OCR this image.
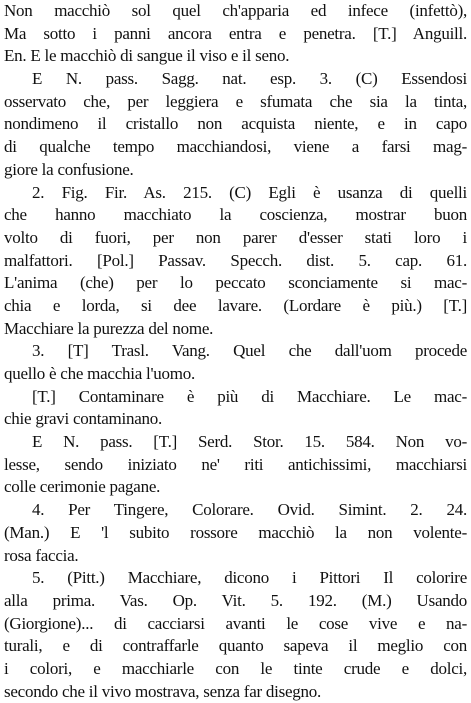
Non macchiò sol quel ch'apparia ed infece (infettò),
Ma sotto i panni ancora entra e penetra. [T.] Anguill.
En. E le macchiò di sangue il viso e il seno.
E N. pass. Sagg. nat. esp. 3. (C) Essendosi
osservato che, per leggiera e sfumata che sia la tinta,
nondimeno il cristallo non acquista niente, e in capo
di qualche tempo macchiandosi, viene a farsi mag-
giore la confusione.
2. Fig. Fir. As. 215. (C) Egli è usanza di quelli
che hanno macchiato la coscienza, mostrar buon
volto di fuori, per non parer d'esser stati loro i
malfattori. [Pol.] Passav. Specch. dist. 5. cap. 61.
L'anima (che) per lo peccato sconciamente si mac-
chia e lorda, si dee lavare. (Lordare è più.) [T.]
Macchiare la purezza del nome.
3. [T] Trasl. Vang. Quel che dall'uom procede
quello è che macchia l'uomo.
[T.] Contaminare è più di Macchiare. Le mac-
chie gravi contaminano.
E N. pass. [T.] Serd. Stor. 15. 584. Non vo-
lesse, sendo iniziato ne' riti antichissimi, macchiarsi
colle cerimonie pagane.
4. Per Tingere, Colorare. Ovid. Simint. 2. 24.
(Man.) E 'l subito rossore macchiò la non volente-
rosa faccia.
5. (Pitt.) Macchiare, dicono i Pittori Il colorire
alla prima. Vas. Op. Vit. 5. 192. (M.) Usando
(Giorgione)... di cacciarsi avanti le cose vive e na-
turali, e di contraffarle quanto sapeva il meglio con
i colori, e macchiarle con le tinte crude e dolci,
secondo che il vivo mostrava, senza far disegno.
